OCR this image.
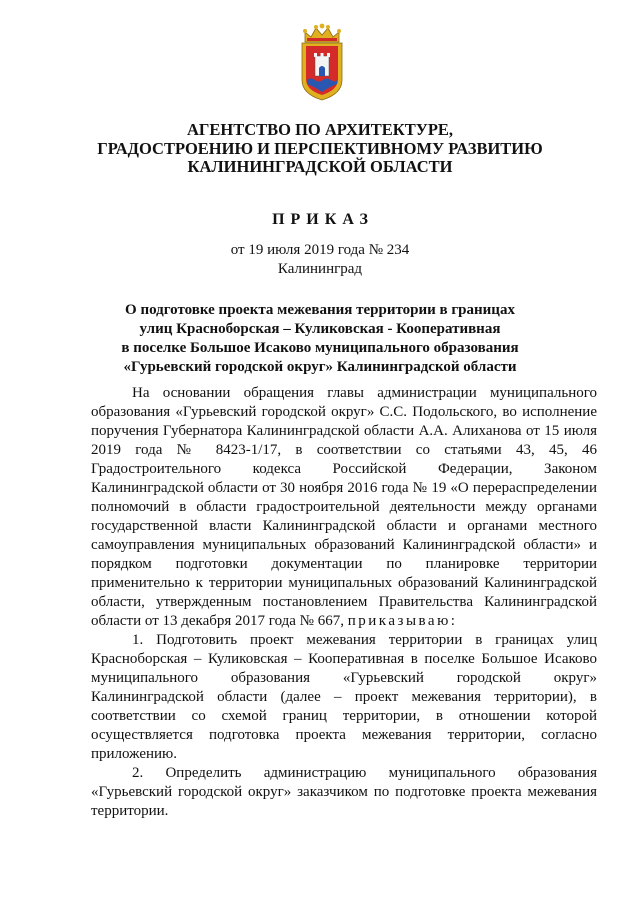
АГЕНТСТВО ПО АРХИТЕКТУРЕ,
ГРАДОСТРОЕНИЮ И ПЕРСПЕКТИВНОМУ РАЗВИТИЮ
КАЛИНИНГРАДСКОЙ ОБЛАСТИ
ПРИКАЗ
от 19 июля 2019 года № 234
Калининград
О подготовке проекта межевания территории в границах
улиц Красноборская – Куликовская - Кооперативная
в поселке Большое Исаково муниципального образования
«Гурьевский городской округ» Калининградской области

На основании обращения главы администрации муниципального образования «Гурьевский городской округ» С.С. Подольского, во исполнение поручения Губернатора Калининградской области А.А. Алиханова от 15 июля 2019 года № 8423-1/17, в соответствии со статьями 43, 45, 46 Градостроительного кодекса Российской Федерации, Законом Калининградской области от 30 ноября 2016 года № 19 «О перераспределении полномочий в области градостроительной деятельности между органами государственной власти Калининградской области и органами местного самоуправления муниципальных образований Калининградской области» и порядком подготовки документации по планировке территории применительно к территории муниципальных образований Калининградской области, утвержденным постановлением Правительства Калининградской области от 13 декабря 2017 года № 667, приказываю:

1. Подготовить проект межевания территории в границах улиц Красноборская – Куликовская – Кооперативная в поселке Большое Исаково муниципального образования «Гурьевский городской округ» Калининградской области (далее – проект межевания территории), в соответствии со схемой границ территории, в отношении которой осуществляется подготовка проекта межевания территории, согласно приложению.

2. Определить администрацию муниципального образования «Гурьевский городской округ» заказчиком по подготовке проекта межевания территории.
